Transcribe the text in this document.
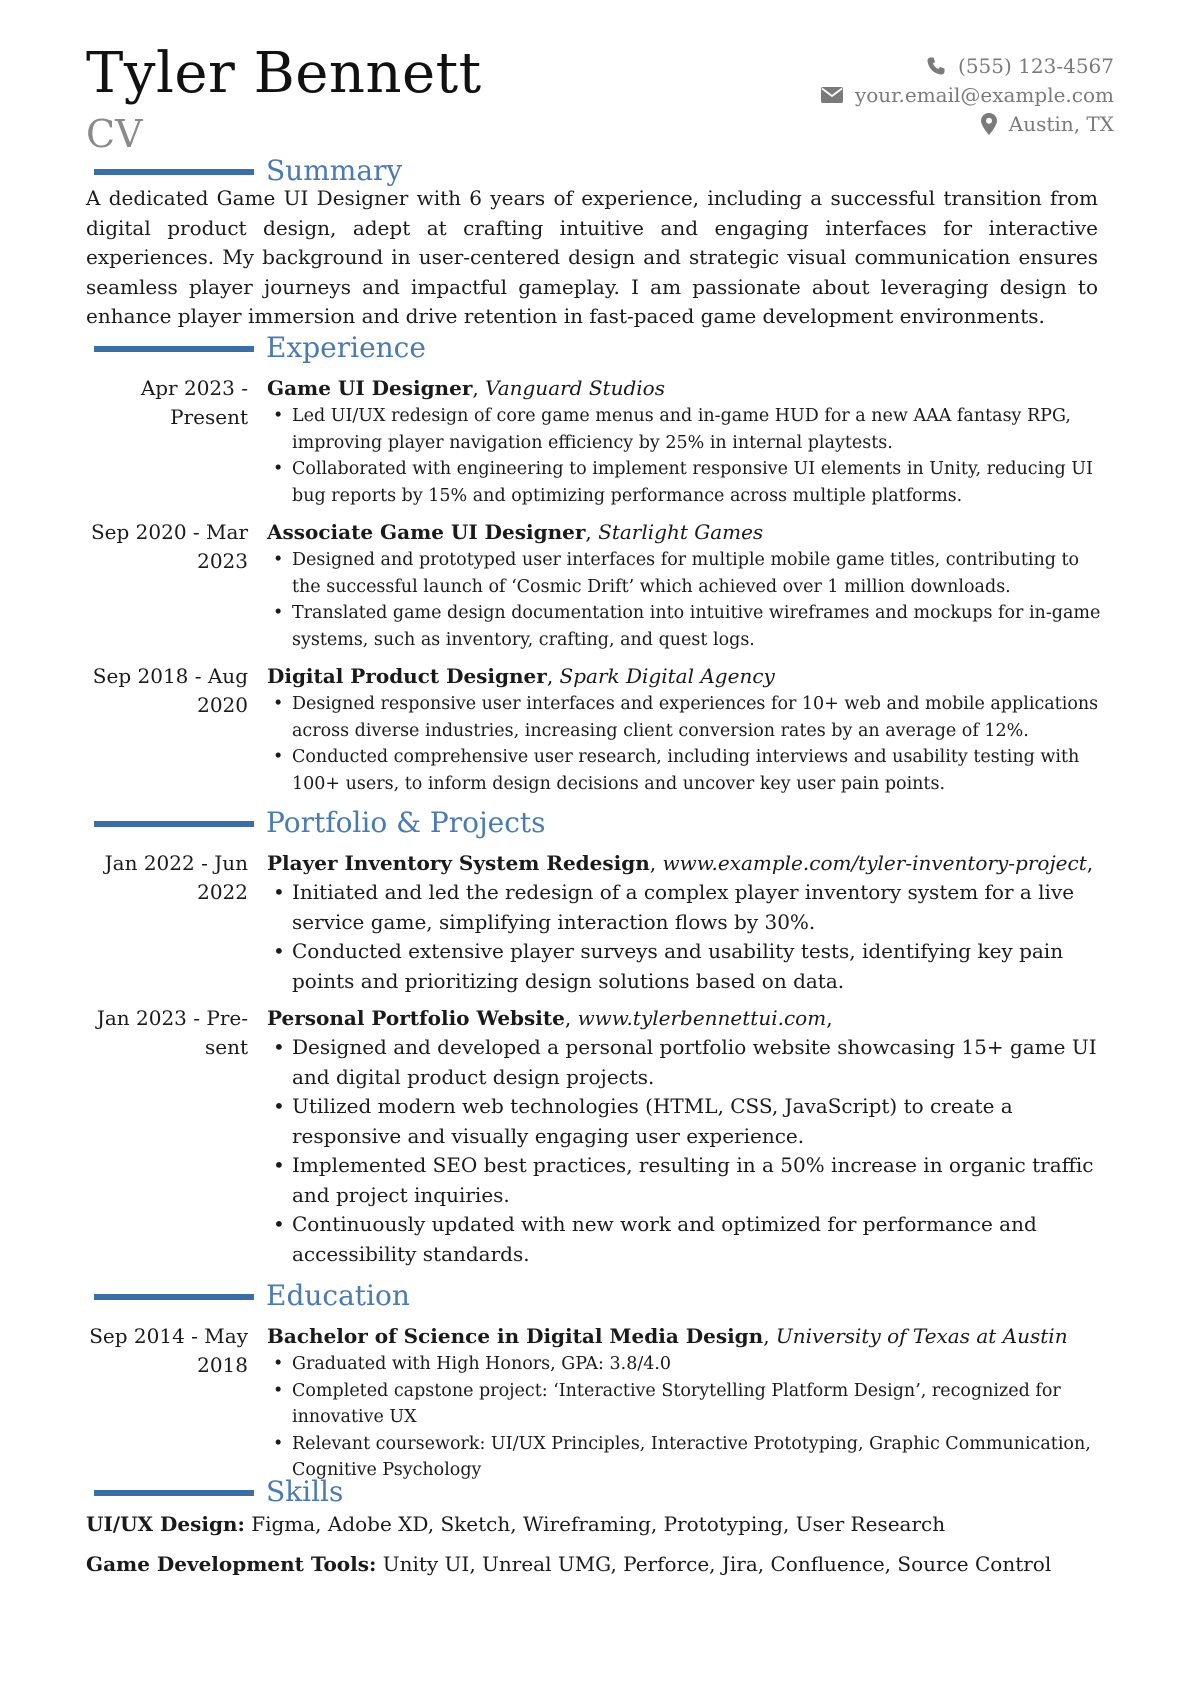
Tyler Bennett
CV
(555) 123-4567
your.email@example.com
Austin, TX
Summary
A dedicated Game UI Designer with 6 years of experience, including a successful transition from digital product design, adept at crafting intuitive and engaging interfaces for interactive experiences. My background in user-centered design and strategic visual communication ensures seamless player journeys and impactful gameplay. I am passionate about leveraging design to enhance player immersion and drive retention in fast-paced game development environments.
Experience
Apr 2023 -
Present
Game UI Designer, Vanguard Studios
• Led UI/UX redesign of core game menus and in-game HUD for a new AAA fantasy RPG, improving player navigation efficiency by 25% in internal playtests.
• Collaborated with engineering to implement responsive UI elements in Unity, reducing UI bug reports by 15% and optimizing performance across multiple platforms.
Sep 2020 - Mar
2023
Associate Game UI Designer, Starlight Games
• Designed and prototyped user interfaces for multiple mobile game titles, contributing to the successful launch of ‘Cosmic Drift’ which achieved over 1 million downloads.
• Translated game design documentation into intuitive wireframes and mockups for in-game systems, such as inventory, crafting, and quest logs.
Sep 2018 - Aug
2020
Digital Product Designer, Spark Digital Agency
• Designed responsive user interfaces and experiences for 10+ web and mobile applications across diverse industries, increasing client conversion rates by an average of 12%.
• Conducted comprehensive user research, including interviews and usability testing with 100+ users, to inform design decisions and uncover key user pain points.
Portfolio & Projects
Jan 2022 - Jun
2022
Player Inventory System Redesign, www.example.com/tyler-inventory-project,
• Initiated and led the redesign of a complex player inventory system for a live service game, simplifying interaction flows by 30%.
• Conducted extensive player surveys and usability tests, identifying key pain points and prioritizing design solutions based on data.
Jan 2023 - Pre-
sent
Personal Portfolio Website, www.tylerbennettui.com,
• Designed and developed a personal portfolio website showcasing 15+ game UI and digital product design projects.
• Utilized modern web technologies (HTML, CSS, JavaScript) to create a responsive and visually engaging user experience.
• Implemented SEO best practices, resulting in a 50% increase in organic traffic and project inquiries.
• Continuously updated with new work and optimized for performance and accessibility standards.
Education
Sep 2014 - May
2018
Bachelor of Science in Digital Media Design, University of Texas at Austin
• Graduated with High Honors, GPA: 3.8/4.0
• Completed capstone project: ‘Interactive Storytelling Platform Design’, recognized for innovative UX
• Relevant coursework: UI/UX Principles, Interactive Prototyping, Graphic Communication, Cognitive Psychology
Skills
UI/UX Design: Figma, Adobe XD, Sketch, Wireframing, Prototyping, User Research
Game Development Tools: Unity UI, Unreal UMG, Perforce, Jira, Confluence, Source Control
